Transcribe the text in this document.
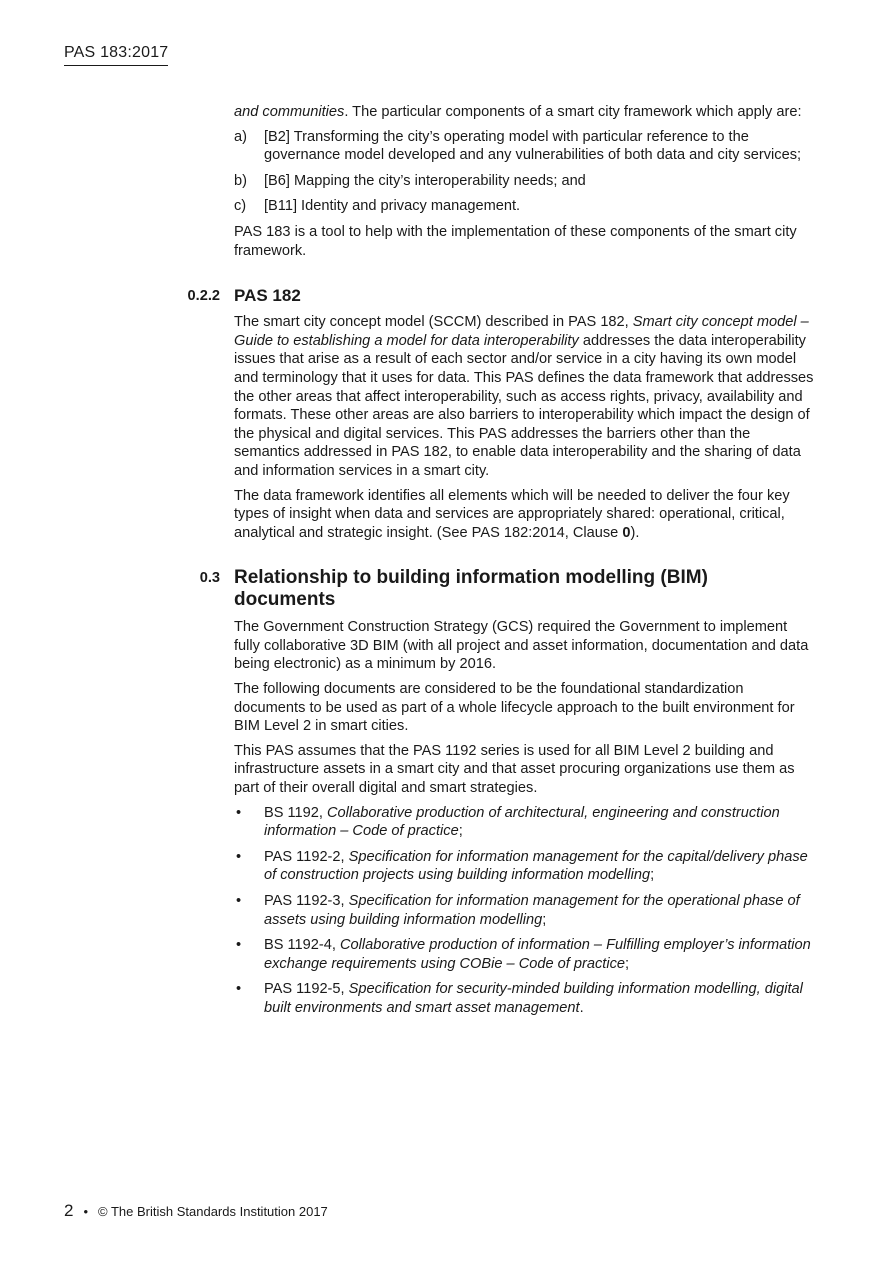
PAS 183:2017

and communities. The particular components of a smart city framework which apply are:

a) [B2] Transforming the city’s operating model with particular reference to the governance model developed and any vulnerabilities of both data and city services;
b) [B6] Mapping the city’s interoperability needs; and
c) [B11] Identity and privacy management.

PAS 183 is a tool to help with the implementation of these components of the smart city framework.

0.2.2 PAS 182

The smart city concept model (SCCM) described in PAS 182, Smart city concept model – Guide to establishing a model for data interoperability addresses the data interoperability issues that arise as a result of each sector and/or service in a city having its own model and terminology that it uses for data. This PAS defines the data framework that addresses the other areas that affect interoperability, such as access rights, privacy, availability and formats. These other areas are also barriers to interoperability which impact the design of the physical and digital services. This PAS addresses the barriers other than the semantics addressed in PAS 182, to enable data interoperability and the sharing of data and information services in a smart city.

The data framework identifies all elements which will be needed to deliver the four key types of insight when data and services are appropriately shared: operational, critical, analytical and strategic insight. (See PAS 182:2014, Clause 0).

0.3 Relationship to building information modelling (BIM) documents

The Government Construction Strategy (GCS) required the Government to implement fully collaborative 3D BIM (with all project and asset information, documentation and data being electronic) as a minimum by 2016.

The following documents are considered to be the foundational standardization documents to be used as part of a whole lifecycle approach to the built environment for BIM Level 2 in smart cities.

This PAS assumes that the PAS 1192 series is used for all BIM Level 2 building and infrastructure assets in a smart city and that asset procuring organizations use them as part of their overall digital and smart strategies.

• BS 1192, Collaborative production of architectural, engineering and construction information – Code of practice;
• PAS 1192-2, Specification for information management for the capital/delivery phase of construction projects using building information modelling;
• PAS 1192-3, Specification for information management for the operational phase of assets using building information modelling;
• BS 1192-4, Collaborative production of information – Fulfilling employer’s information exchange requirements using COBie – Code of practice;
• PAS 1192-5, Specification for security-minded building information modelling, digital built environments and smart asset management.
2 • © The British Standards Institution 2017
